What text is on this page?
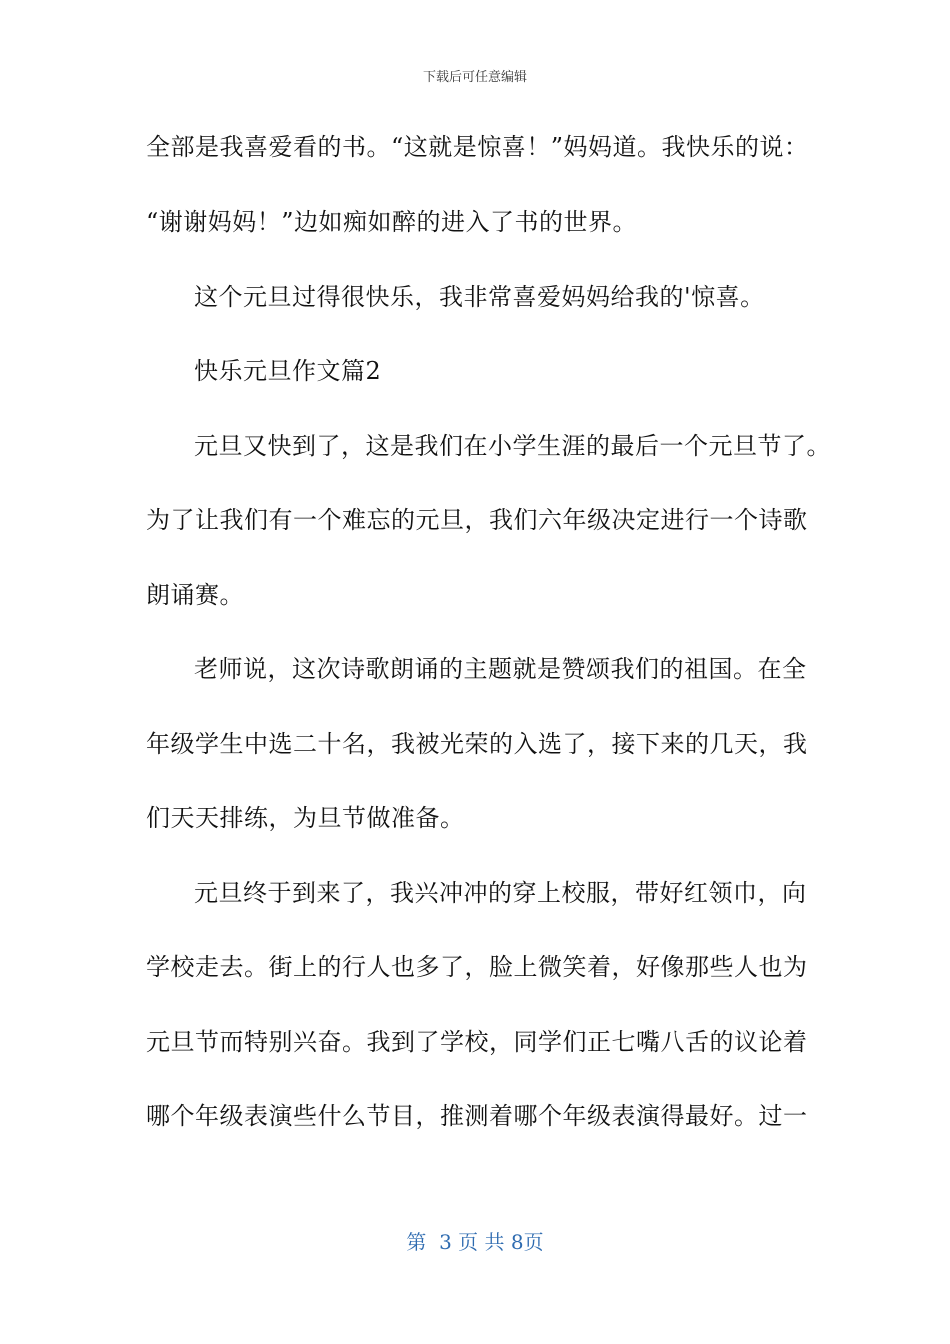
下载后可任意编辑
全部是我喜爱看的书。“这就是惊喜！”妈妈道。我快乐的说：
“谢谢妈妈！”边如痴如醉的进入了书的世界。
这个元旦过得很快乐，我非常喜爱妈妈给我的'惊喜。
快乐元旦作文篇2
元旦又快到了，这是我们在小学生涯的最后一个元旦节了。
为了让我们有一个难忘的元旦，我们六年级决定进行一个诗歌
朗诵赛。
老师说，这次诗歌朗诵的主题就是赞颂我们的祖国。在全
年级学生中选二十名，我被光荣的入选了，接下来的几天，我
们天天排练，为旦节做准备。
元旦终于到来了，我兴冲冲的穿上校服，带好红领巾，向
学校走去。街上的行人也多了，脸上微笑着，好像那些人也为
元旦节而特别兴奋。我到了学校，同学们正七嘴八舌的议论着
哪个年级表演些什么节目，推测着哪个年级表演得最好。过一
第  3 页 共 8页
